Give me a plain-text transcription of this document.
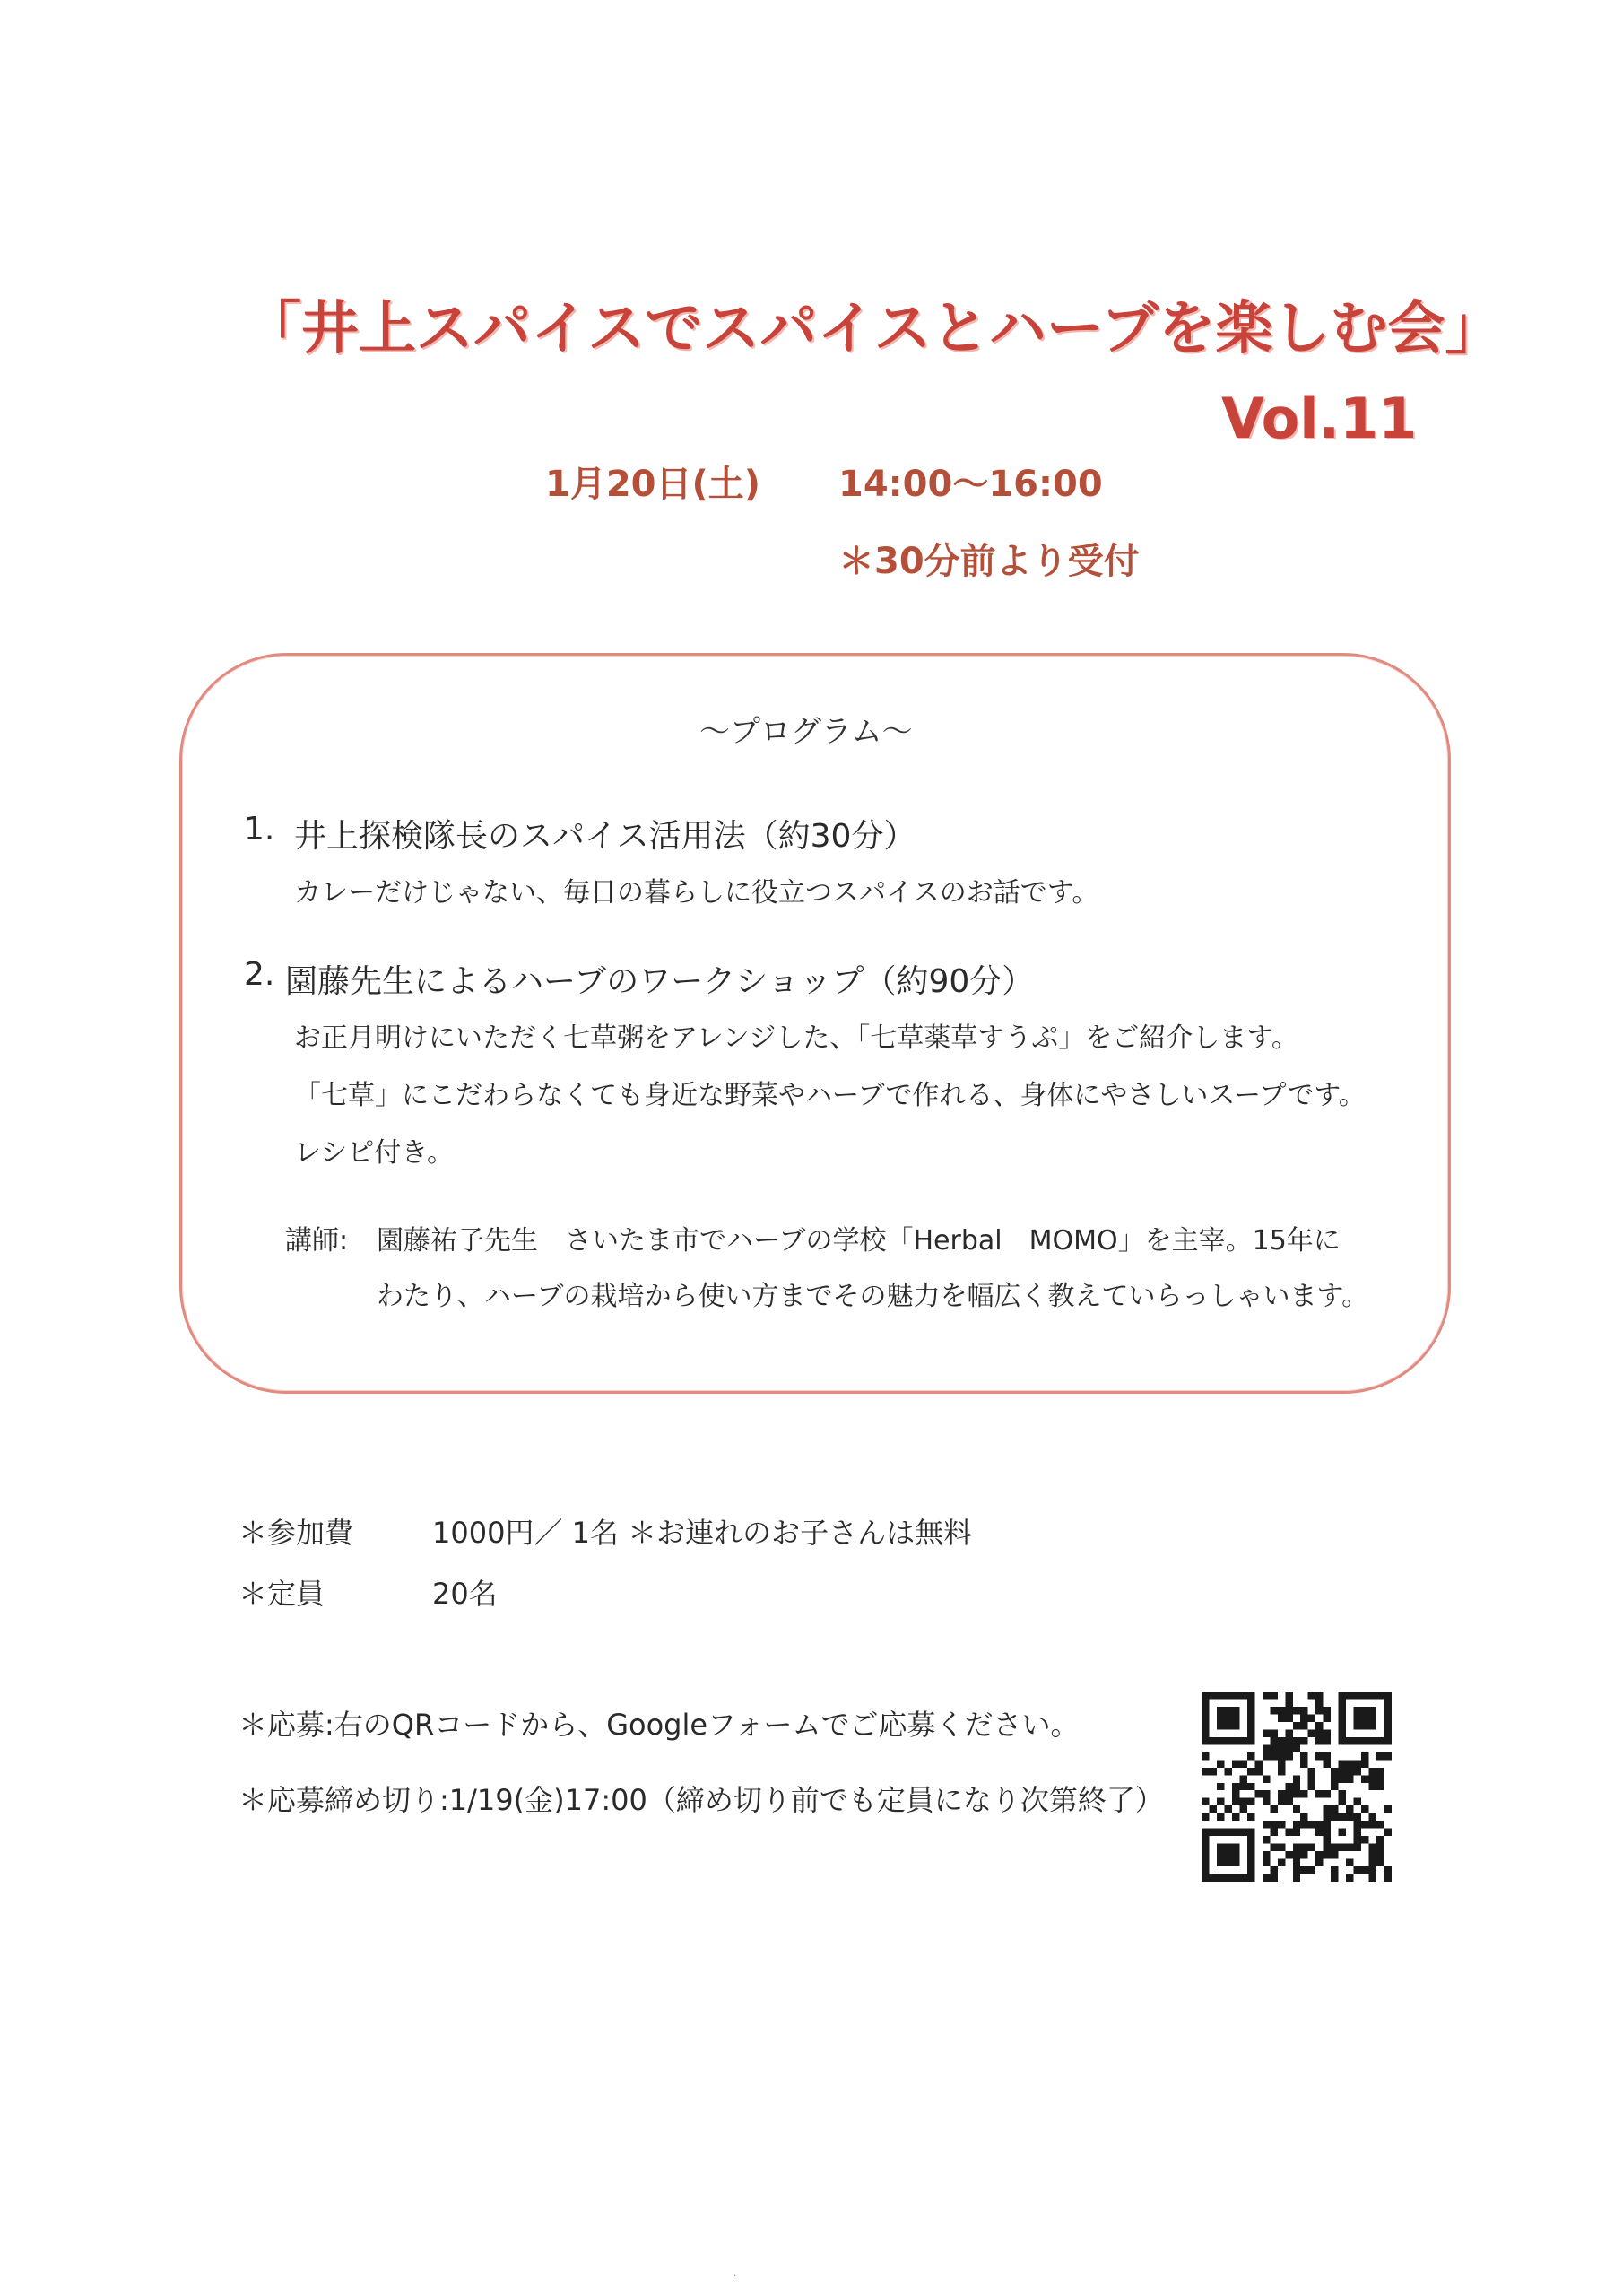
「井上スパイスでスパイスとハーブを楽しむ会」
Vol.11
1月20日(土) 14:00〜16:00
＊30分前より受付
〜プログラム〜
1. 井上探検隊長のスパイス活用法（約30分）
カレーだけじゃない、毎日の暮らしに役立つスパイスのお話です。
2. 園藤先生によるハーブのワークショップ（約90分）
お正月明けにいただく七草粥をアレンジした、「七草薬草すうぷ」をご紹介します。
「七草」にこだわらなくても身近な野菜やハーブで作れる、身体にやさしいスープです。
レシピ付き。
講師: 園藤祐子先生　さいたま市でハーブの学校「Herbal　MOMO」を主宰。15年に
わたり、ハーブの栽培から使い方までその魅力を幅広く教えていらっしゃいます。
＊参加費	1000円／ 1名 ＊お連れのお子さんは無料
＊定員	20名
＊応募:右のQRコードから、Googleフォームでご応募ください。
＊応募締め切り:1/19(金)17:00（締め切り前でも定員になり次第終了）
.
